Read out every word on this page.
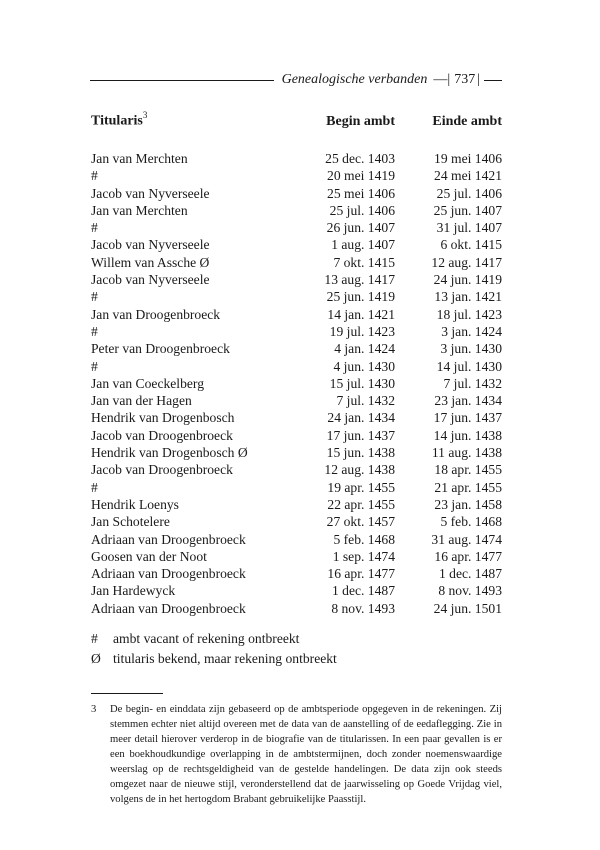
Genealogische verbanden —| 737 |
Titularis$^3$	Begin ambt	Einde ambt
Jan van Merchten	25 dec. 1403	19 mei 1406
#	20 mei 1419	24 mei 1421
Jacob van Nyverseele	25 mei 1406	25 jul. 1406
Jan van Merchten	25 jul. 1406	25 jun. 1407
#	26 jun. 1407	31 jul. 1407
Jacob van Nyverseele	1 aug. 1407	6 okt. 1415
Willem van Assche Ø	7 okt. 1415	12 aug. 1417
Jacob van Nyverseele	13 aug. 1417	24 jun. 1419
#	25 jun. 1419	13 jan. 1421
Jan van Droogenbroeck	14 jan. 1421	18 jul. 1423
#	19 jul. 1423	3 jan. 1424
Peter van Droogenbroeck	4 jan. 1424	3 jun. 1430
#	4 jun. 1430	14 jul. 1430
Jan van Coeckelberg	15 jul. 1430	7 jul. 1432
Jan van der Hagen	7 jul. 1432	23 jan. 1434
Hendrik van Drogenbosch	24 jan. 1434	17 jun. 1437
Jacob van Droogenbroeck	17 jun. 1437	14 jun. 1438
Hendrik van Drogenbosch Ø	15 jun. 1438	11 aug. 1438
Jacob van Droogenbroeck	12 aug. 1438	18 apr. 1455
#	19 apr. 1455	21 apr. 1455
Hendrik Loenys	22 apr. 1455	23 jan. 1458
Jan Schotelere	27 okt. 1457	5 feb. 1468
Adriaan van Droogenbroeck	5 feb. 1468	31 aug. 1474
Goosen van der Noot	1 sep. 1474	16 apr. 1477
Adriaan van Droogenbroeck	16 apr. 1477	1 dec. 1487
Jan Hardewyck	1 dec. 1487	8 nov. 1493
Adriaan van Droogenbroeck	8 nov. 1493	24 jun. 1501
#	ambt vacant of rekening ontbreekt
Ø titularis bekend, maar rekening ontbreekt
3	De begin- en einddata zijn gebaseerd op de ambtsperiode opgegeven in de rekeningen. Zij stemmen echter niet altijd overeen met de data van de aanstelling of de eedaflegging. Zie in meer detail hierover verderop in de biografie van de titularissen. In een paar gevallen is er een boekhoudkundige overlapping in de ambtstermijnen, doch zonder noemenswaardige weerslag op de rechtsgeldigheid van de gestelde handelingen. De data zijn ook steeds omgezet naar de nieuwe stijl, veronderstellend dat de jaarwisseling op Goede Vrijdag viel, volgens de in het hertogdom Brabant gebruikelijke Paasstijl.
